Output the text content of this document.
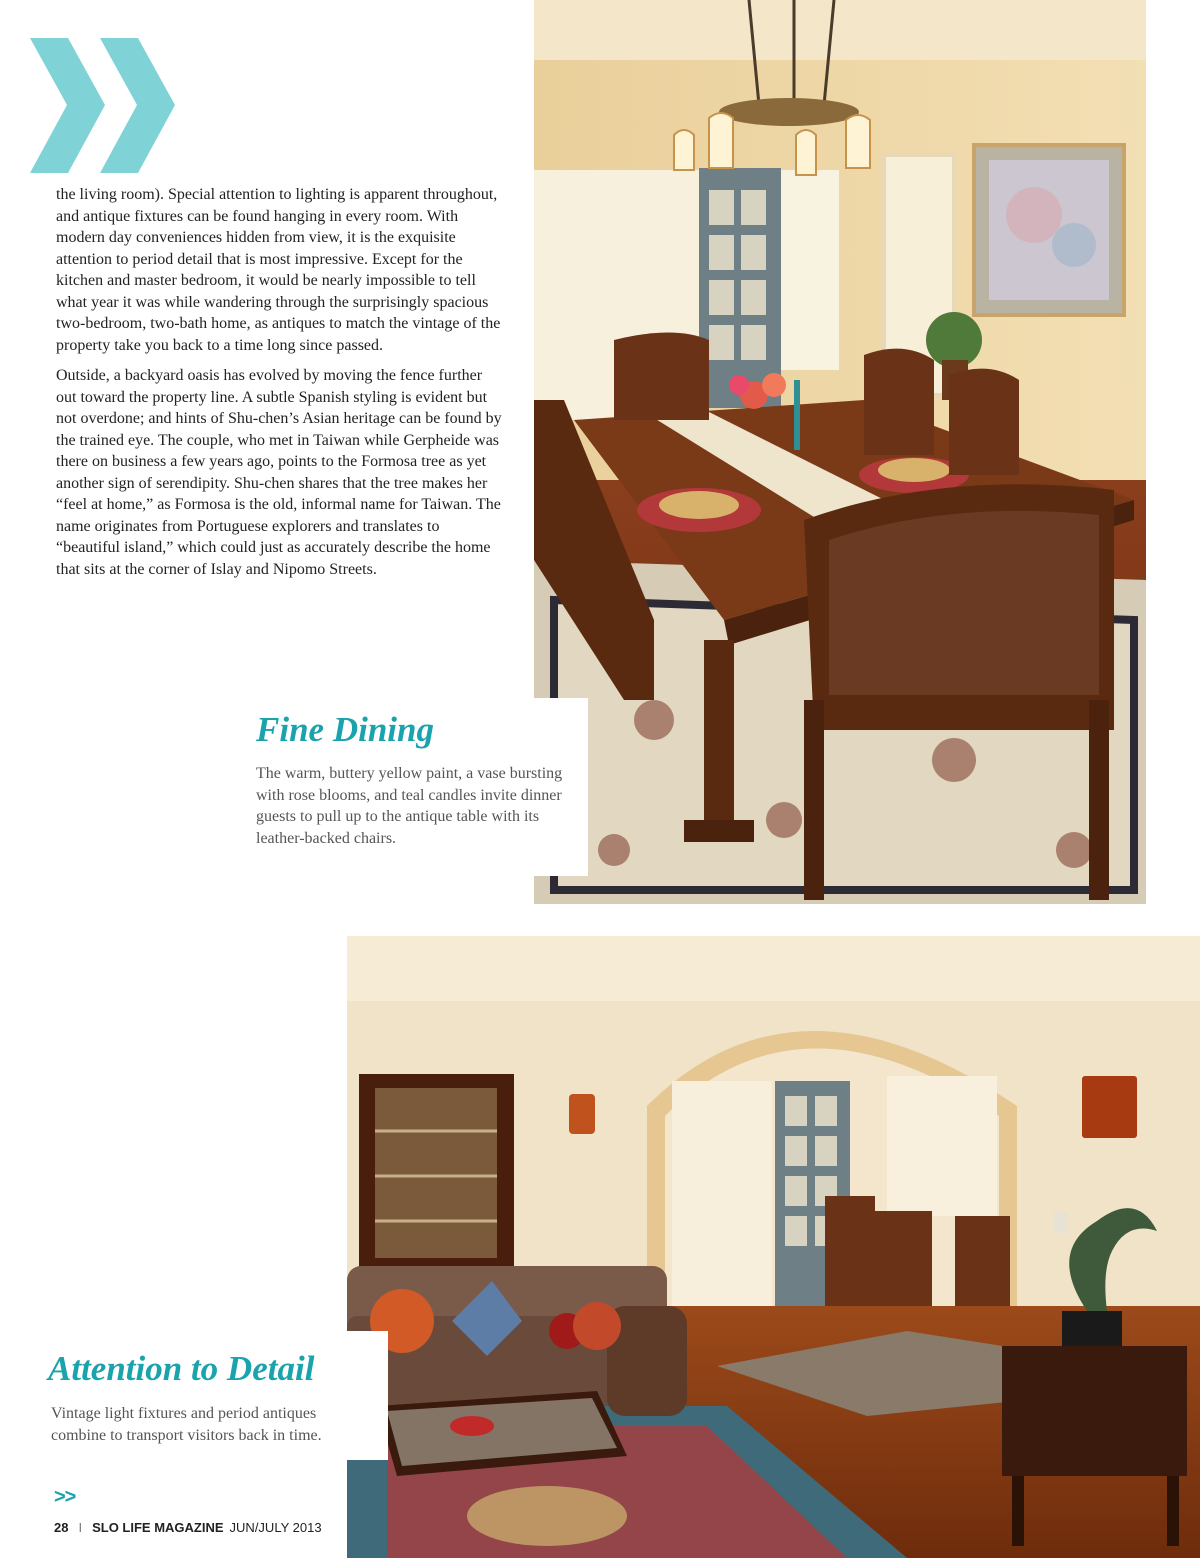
the living room). Special attention to lighting is apparent throughout, and antique fixtures can be found hanging in every room. With modern day conveniences hidden from view, it is the exquisite attention to period detail that is most impressive. Except for the kitchen and master bedroom, it would be nearly impossible to tell what year it was while wandering through the surprisingly spacious two-bedroom, two-bath home, as antiques to match the vintage of the property take you back to a time long since passed.

Outside, a backyard oasis has evolved by moving the fence further out toward the property line. A subtle Spanish styling is evident but not overdone; and hints of Shu-chen’s Asian heritage can be found by the trained eye. The couple, who met in Taiwan while Gerpheide was there on business a few years ago, points to the Formosa tree as yet another sign of serendipity. Shu-chen shares that the tree makes her “feel at home,” as Formosa is the old, informal name for Taiwan. The name originates from Portuguese explorers and translates to “beautiful island,” which could just as accurately describe the home that sits at the corner of Islay and Nipomo Streets.

Fine Dining

The warm, buttery yellow paint, a vase bursting with rose blooms, and teal candles invite dinner guests to pull up to the antique table with its leather-backed chairs.

Attention to Detail

Vintage light fixtures and period antiques combine to transport visitors back in time.

>>
28 I SLO LIFE MAGAZINE JUN/JULY 2013
